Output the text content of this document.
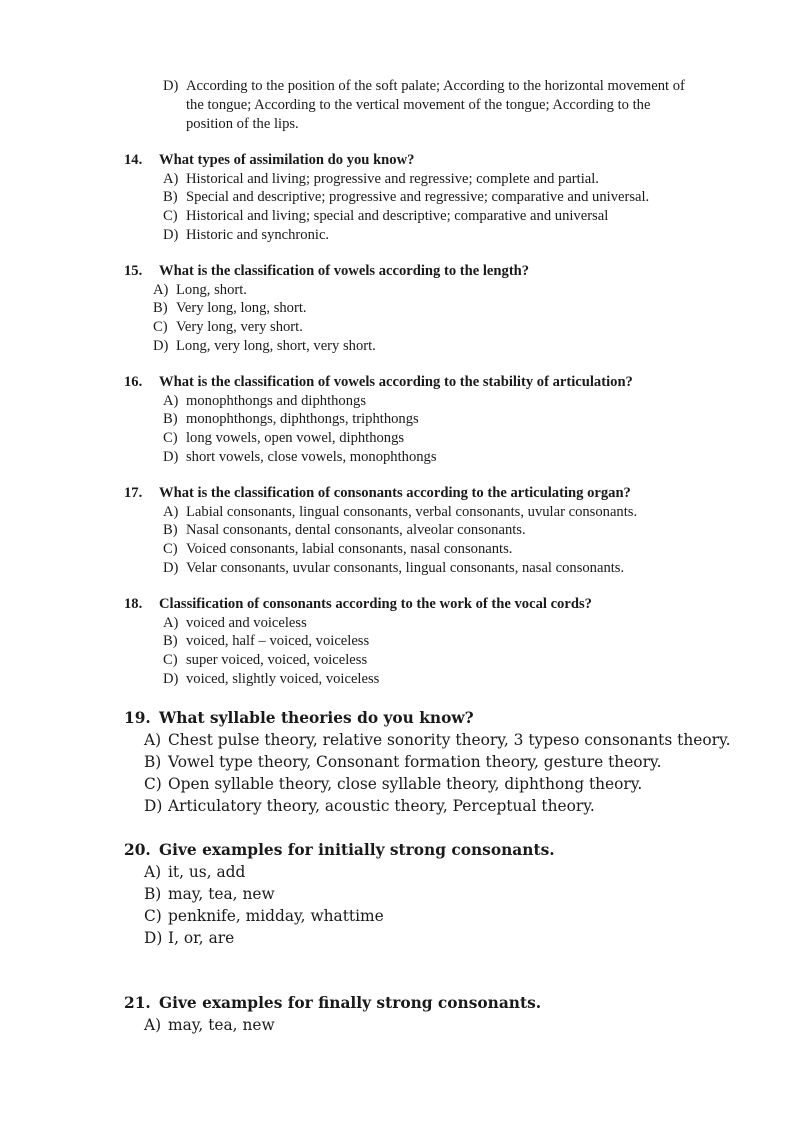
D) According to the position of the soft palate; According to the horizontal movement of
the tongue; According to the vertical movement of the tongue; According to the
position of the lips.
14. What types of assimilation do you know?
A) Historical and living; progressive and regressive; complete and partial.
B) Special and descriptive; progressive and regressive; comparative and universal.
C) Historical and living; special and descriptive; comparative and universal
D) Historic and synchronic.
15. What is the classification of vowels according to the length?
A) Long, short.
B) Very long, long, short.
C) Very long, very short.
D) Long, very long, short, very short.
16. What is the classification of vowels according to the stability of articulation?
A) monophthongs and diphthongs
B) monophthongs, diphthongs, triphthongs
C) long vowels, open vowel, diphthongs
D) short vowels, close vowels, monophthongs
17. What is the classification of consonants according to the articulating organ?
A) Labial consonants, lingual consonants, verbal consonants, uvular consonants.
B) Nasal consonants, dental consonants, alveolar consonants.
C) Voiced consonants, labial consonants, nasal consonants.
D) Velar consonants, uvular consonants, lingual consonants, nasal consonants.
18. Classification of consonants according to the work of the vocal cords?
A) voiced and voiceless
B) voiced, half – voiced, voiceless
C) super voiced, voiced, voiceless
D) voiced, slightly voiced, voiceless
19. What syllable theories do you know?
A) Chest pulse theory, relative sonority theory, 3 typeso consonants theory.
B) Vowel type theory, Consonant formation theory, gesture theory.
C) Open syllable theory, close syllable theory, diphthong theory.
D) Articulatory theory, acoustic theory, Perceptual theory.
20. Give examples for initially strong consonants.
A) it, us, add
B) may, tea, new
C) penknife, midday, whattime
D) I, or, are
21. Give examples for finally strong consonants.
A) may, tea, new
